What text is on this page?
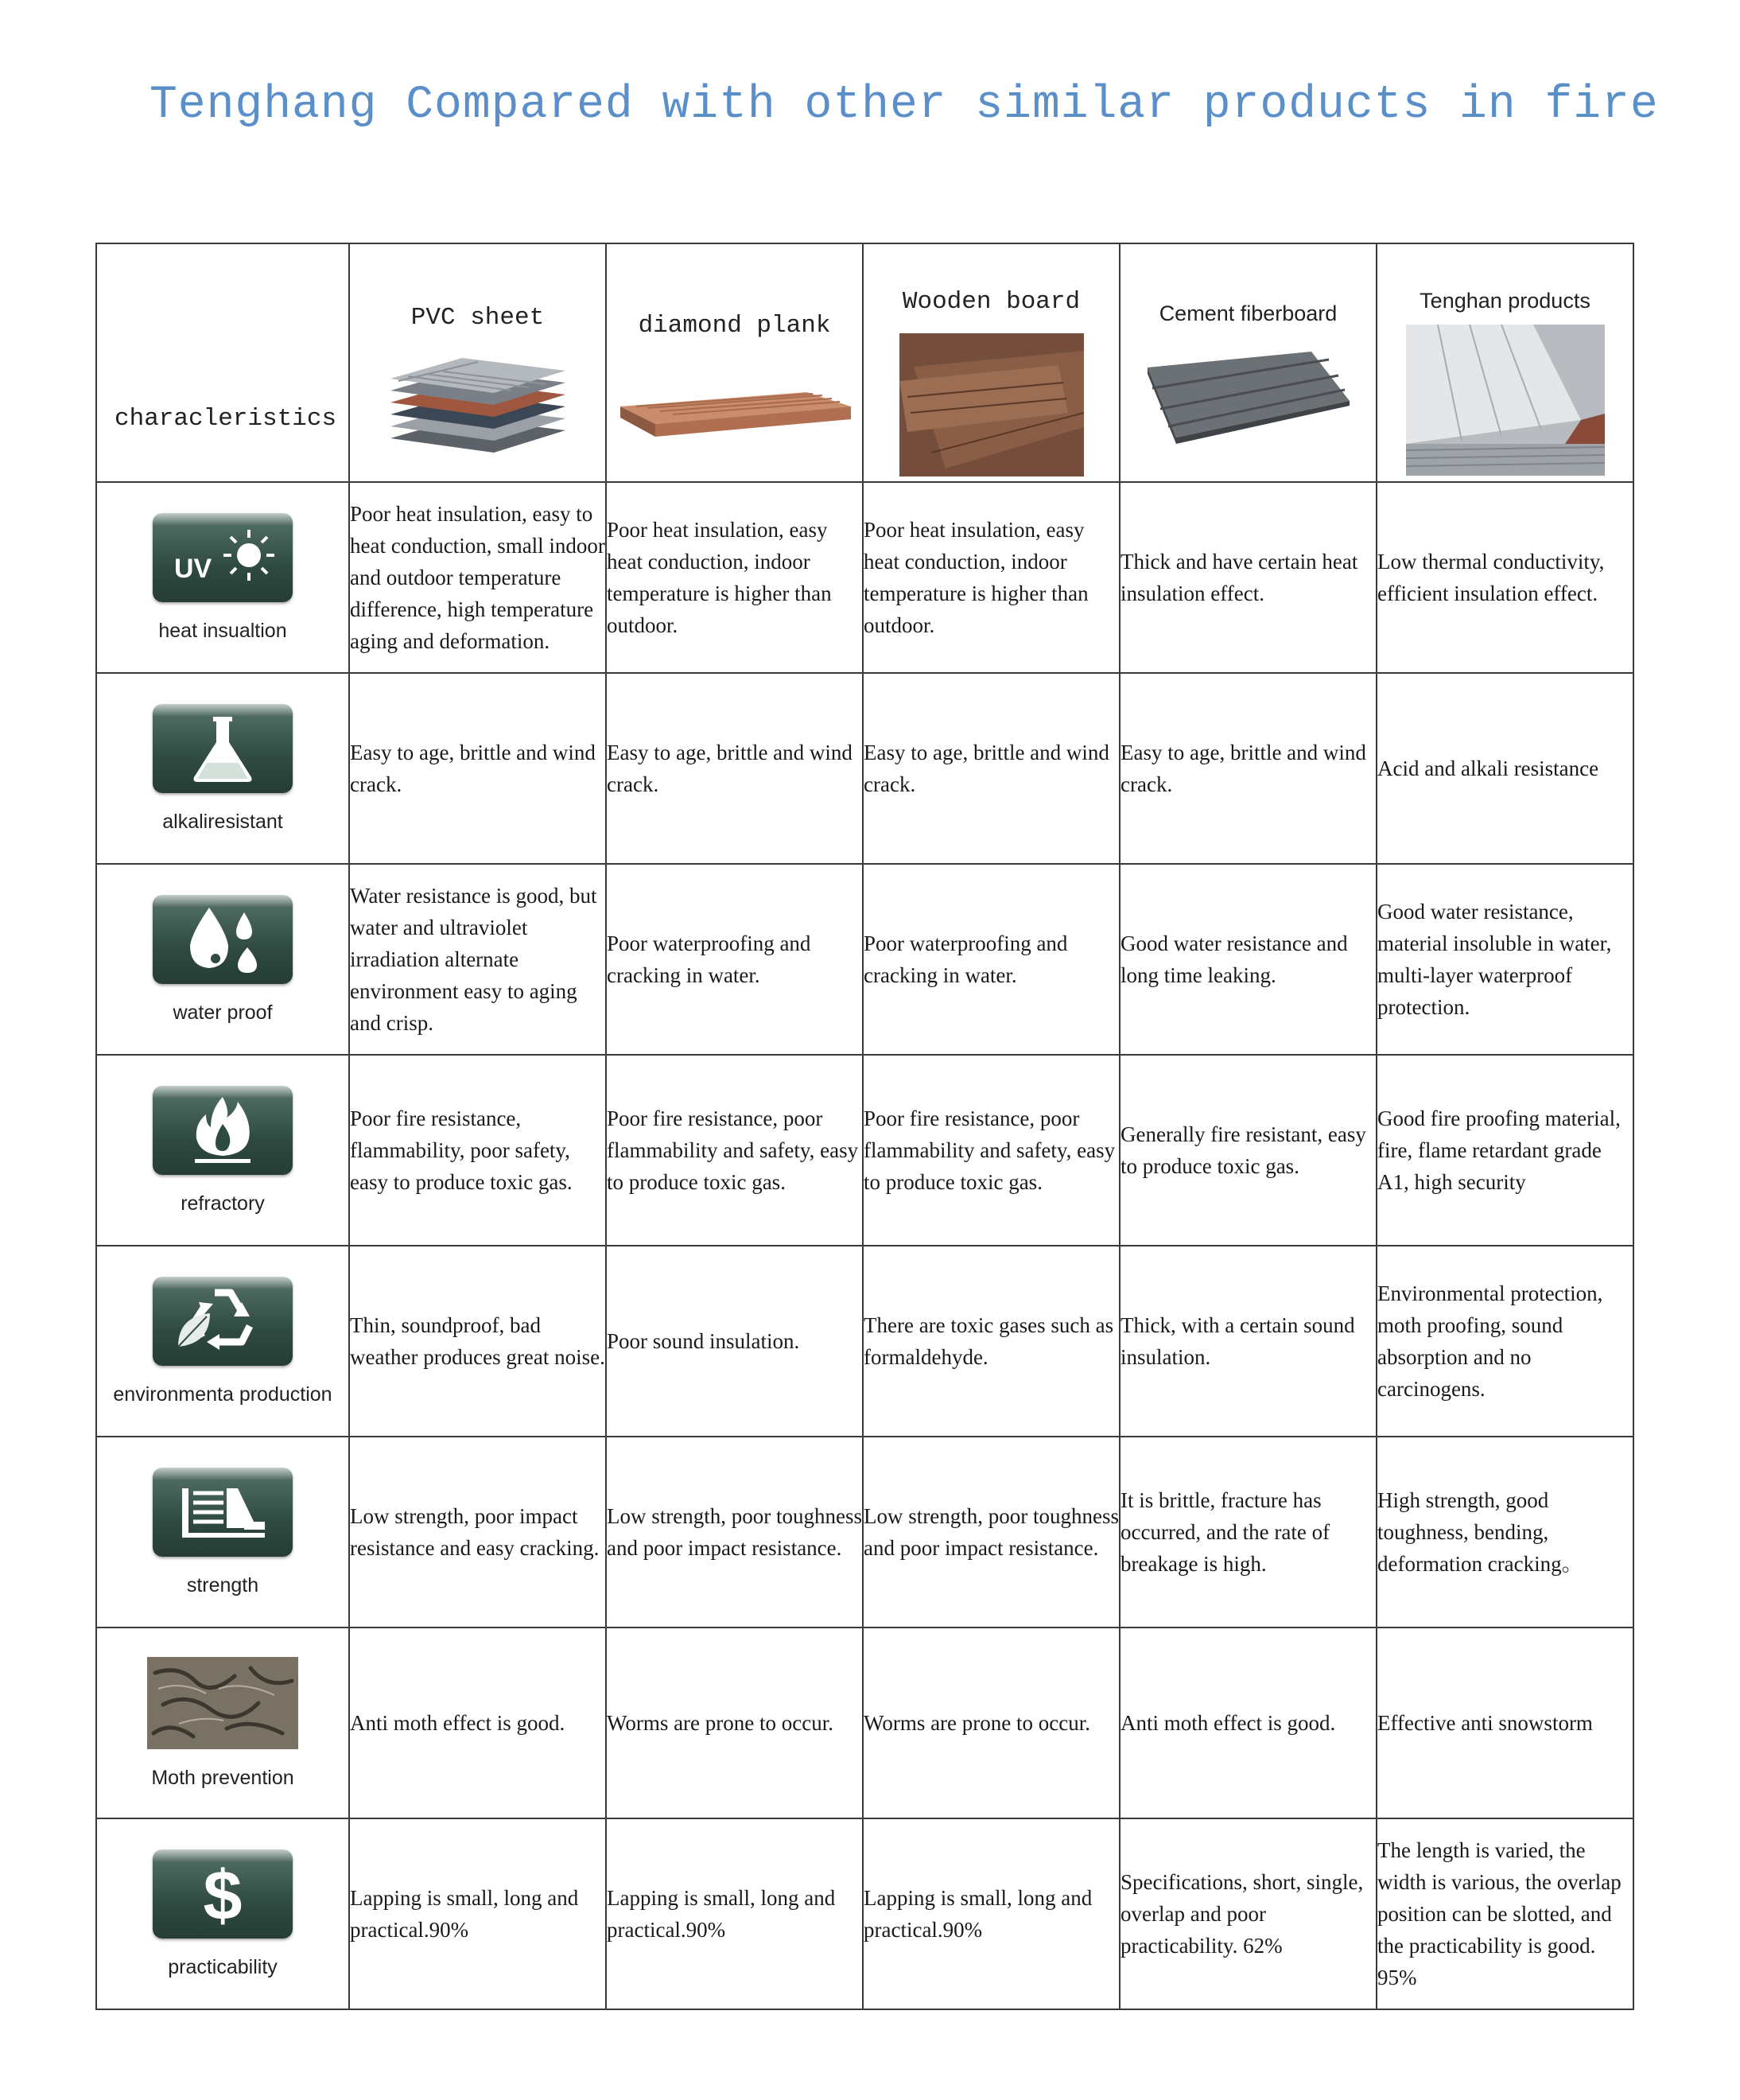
Tenghang Compared with other similar products in fire
characleristics	PVC sheet	diamond plank	Wooden board	Cement fiberboard	Tenghan products

UV
heat insualtion	Poor heat insulation, easy to heat conduction, small indoor and outdoor temperature difference, high temperature aging and deformation.	Poor heat insulation, easy heat conduction, indoor temperature is higher than outdoor.	Poor heat insulation, easy heat conduction, indoor temperature is higher than outdoor.	Thick and have certain heat insulation effect.	Low thermal conductivity, efficient insulation effect.

alkaliresistant	Easy to age, brittle and wind crack.	Easy to age, brittle and wind crack.	Easy to age, brittle and wind crack.	Easy to age, brittle and wind crack.	Acid and alkali resistance

water proof	Water resistance is good, but water and ultraviolet irradiation alternate environment easy to aging and crisp.	Poor waterproofing and cracking in water.	Poor waterproofing and cracking in water.	Good water resistance and long time leaking.	Good water resistance, material insoluble in water, multi-layer waterproof protection.

refractory	Poor fire resistance, flammability, poor safety, easy to produce toxic gas.	Poor fire resistance, poor flammability and safety, easy to produce toxic gas.	Poor fire resistance, poor flammability and safety, easy to produce toxic gas.	Generally fire resistant, easy to produce toxic gas.	Good fire proofing material, fire, flame retardant grade A1, high security

environmenta production	Thin, soundproof, bad weather produces great noise.	Poor sound insulation.	There are toxic gases such as formaldehyde.	Thick, with a certain sound insulation.	Environmental protection, moth proofing, sound absorption and no carcinogens.

strength	Low strength, poor impact resistance and easy cracking.	Low strength, poor toughness and poor impact resistance.	Low strength, poor toughness and poor impact resistance.	It is brittle, fracture has occurred, and the rate of breakage is high.	High strength, good toughness, bending, deformation cracking。

Moth prevention	Anti moth effect is good.	Worms are prone to occur.	Worms are prone to occur.	Anti moth effect is good.	Effective anti snowstorm

$
practicability	Lapping is small, long and practical.90%	Lapping is small, long and practical.90%	Lapping is small, long and practical.90%	Specifications, short, single, overlap and poor practicability. 62%	The length is varied, the width is various, the overlap position can be slotted, and the practicability is good. 95%
